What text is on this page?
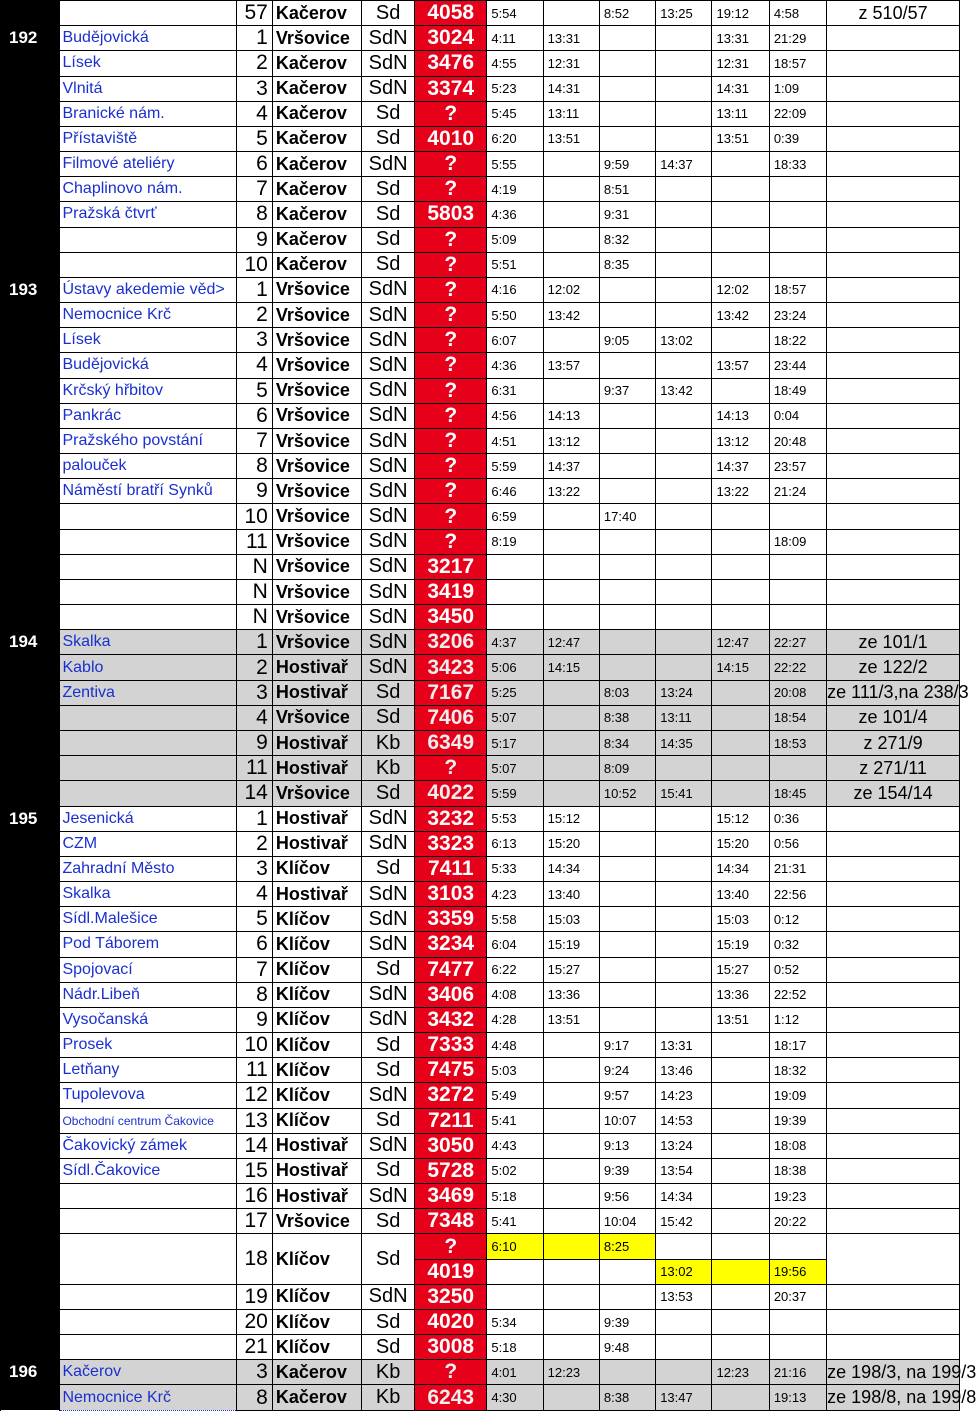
		57	Kačerov	Sd	4058	5:54		8:52	13:25	19:12	4:58	z 510/57
192	Budějovická	1	Vršovice	SdN	3024	4:11	13:31			13:31	21:29	
	Lísek	2	Kačerov	SdN	3476	4:55	12:31			12:31	18:57	
	Vlnitá	3	Kačerov	SdN	3374	5:23	14:31			14:31	1:09	
	Branické nám.	4	Kačerov	Sd	?	5:45	13:11			13:11	22:09	
	Přístaviště	5	Kačerov	Sd	4010	6:20	13:51			13:51	0:39	
	Filmové ateliéry	6	Kačerov	SdN	?	5:55		9:59	14:37		18:33	
	Chaplinovo nám.	7	Kačerov	Sd	?	4:19		8:51				
	Pražská čtvrť	8	Kačerov	Sd	5803	4:36		9:31				
		9	Kačerov	Sd	?	5:09		8:32				
		10	Kačerov	Sd	?	5:51		8:35				
193	Ústavy akedemie věd>	1	Vršovice	SdN	?	4:16	12:02			12:02	18:57	
	Nemocnice Krč	2	Vršovice	SdN	?	5:50	13:42			13:42	23:24	
	Lísek	3	Vršovice	SdN	?	6:07		9:05	13:02		18:22	
	Budějovická	4	Vršovice	SdN	?	4:36	13:57			13:57	23:44	
	Krčský hřbitov	5	Vršovice	SdN	?	6:31		9:37	13:42		18:49	
	Pankrác	6	Vršovice	SdN	?	4:56	14:13			14:13	0:04	
	Pražského povstání	7	Vršovice	SdN	?	4:51	13:12			13:12	20:48	
	palouček	8	Vršovice	SdN	?	5:59	14:37			14:37	23:57	
	Náměstí bratří Synků	9	Vršovice	SdN	?	6:46	13:22			13:22	21:24	
		10	Vršovice	SdN	?	6:59		17:40				
		11	Vršovice	SdN	?	8:19					18:09	
		N	Vršovice	SdN	3217							
		N	Vršovice	SdN	3419							
		N	Vršovice	SdN	3450							
194	Skalka	1	Vršovice	SdN	3206	4:37	12:47			12:47	22:27	ze 101/1
	Kablo	2	Hostivař	SdN	3423	5:06	14:15			14:15	22:22	ze 122/2
	Zentiva	3	Hostivař	Sd	7167	5:25		8:03	13:24		20:08	ze 111/3,na 238/3
		4	Vršovice	Sd	7406	5:07		8:38	13:11		18:54	ze 101/4
		9	Hostivař	Kb	6349	5:17		8:34	14:35		18:53	z 271/9
		11	Hostivař	Kb	?	5:07		8:09				z 271/11
		14	Vršovice	Sd	4022	5:59		10:52	15:41		18:45	ze 154/14
195	Jesenická	1	Hostivař	SdN	3232	5:53	15:12			15:12	0:36	
	CZM	2	Hostivař	SdN	3323	6:13	15:20			15:20	0:56	
	Zahradní Město	3	Klíčov	Sd	7411	5:33	14:34			14:34	21:31	
	Skalka	4	Hostivař	SdN	3103	4:23	13:40			13:40	22:56	
	Sídl.Malešice	5	Klíčov	SdN	3359	5:58	15:03			15:03	0:12	
	Pod Táborem	6	Klíčov	SdN	3234	6:04	15:19			15:19	0:32	
	Spojovací	7	Klíčov	Sd	7477	6:22	15:27			15:27	0:52	
	Nádr.Libeň	8	Klíčov	SdN	3406	4:08	13:36			13:36	22:52	
	Vysočanská	9	Klíčov	SdN	3432	4:28	13:51			13:51	1:12	
	Prosek	10	Klíčov	Sd	7333	4:48		9:17	13:31		18:17	
	Letňany	11	Klíčov	Sd	7475	5:03		9:24	13:46		18:32	
	Tupolevova	12	Klíčov	SdN	3272	5:49		9:57	14:23		19:09	
	Obchodní centrum Čakovice	13	Klíčov	Sd	7211	5:41		10:07	14:53		19:39	
	Čakovický zámek	14	Hostivař	SdN	3050	4:43		9:13	13:24		18:08	
	Sídl.Čakovice	15	Hostivař	Sd	5728	5:02		9:39	13:54		18:38	
		16	Hostivař	SdN	3469	5:18		9:56	14:34		19:23	
		17	Vršovice	Sd	7348	5:41		10:04	15:42		20:22	
		18	Klíčov	Sd	?	6:10		8:25				
					4019				13:02		19:56	
		19	Klíčov	SdN	3250				13:53		20:37	
		20	Klíčov	Sd	4020	5:34		9:39				
		21	Klíčov	Sd	3008	5:18		9:48				
196	Kačerov	3	Kačerov	Kb	?	4:01	12:23			12:23	21:16	ze 198/3, na 199/3
	Nemocnice Krč	8	Kačerov	Kb	6243	4:30		8:38	13:47		19:13	ze 198/8, na 199/8
